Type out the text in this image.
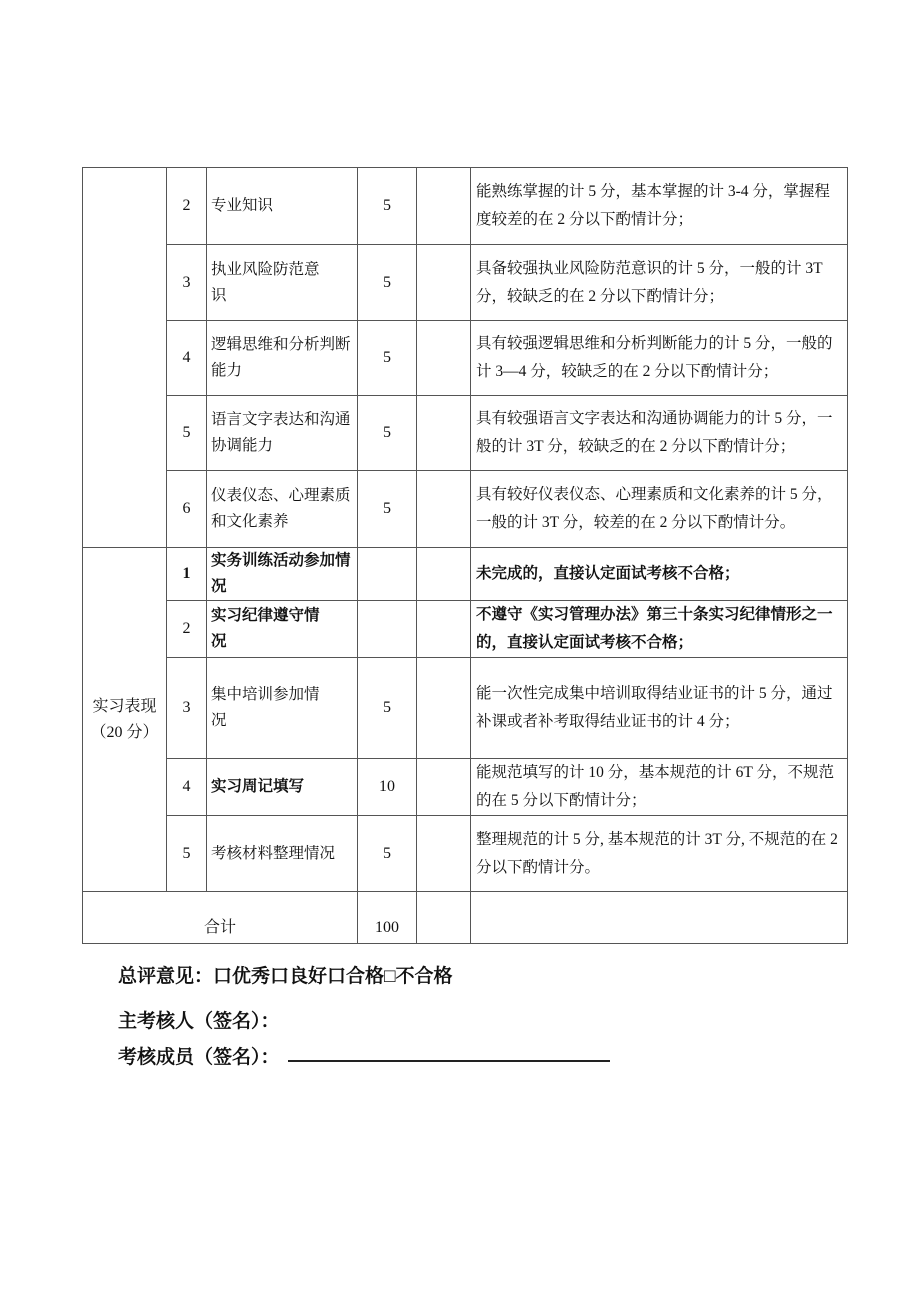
	2	专业知识	5		能熟练掌握的计 5 分，基本掌握的计 3-4 分，掌握程度较差的在 2 分以下酌情计分；
	3	执业风险防范意
识	5		具备较强执业风险防范意识的计 5 分，一般的计 3T 分，较缺乏的在 2 分以下酌情计分；
	4	逻辑思维和分析判断
能力	5		具有较强逻辑思维和分析判断能力的计 5 分，一般的计 3—4 分，较缺乏的在 2 分以下酌情计分；
	5	语言文字表达和沟通
协调能力	5		具有较强语言文字表达和沟通协调能力的计 5 分，一般的计 3T 分，较缺乏的在 2 分以下酌情计分；
	6	仪表仪态、心理素质
和文化素养	5		具有较好仪表仪态、心理素质和文化素养的计 5 分，一般的计 3T 分，较差的在 2 分以下酌情计分。
实习表现
（20 分）	1	实务训练活动参加情
况			未完成的，直接认定面试考核不合格；
	2	实习纪律遵守情
况			不遵守《实习管理办法》第三十条实习纪律情形之一的，直接认定面试考核不合格；
	3	集中培训参加情
况	5		能一次性完成集中培训取得结业证书的计 5 分，通过补课或者补考取得结业证书的计 4 分；
	4	实习周记填写	10		能规范填写的计 10 分，基本规范的计 6T 分，不规范的在 5 分以下酌情计分；
	5	考核材料整理情况	5		整理规范的计 5 分, 基本规范的计 3T 分, 不规范的在 2 分以下酌情计分。
合计			100		
总评意见：口优秀口良好口合格□不合格
主考核人（签名）：
考核成员（签名）：
